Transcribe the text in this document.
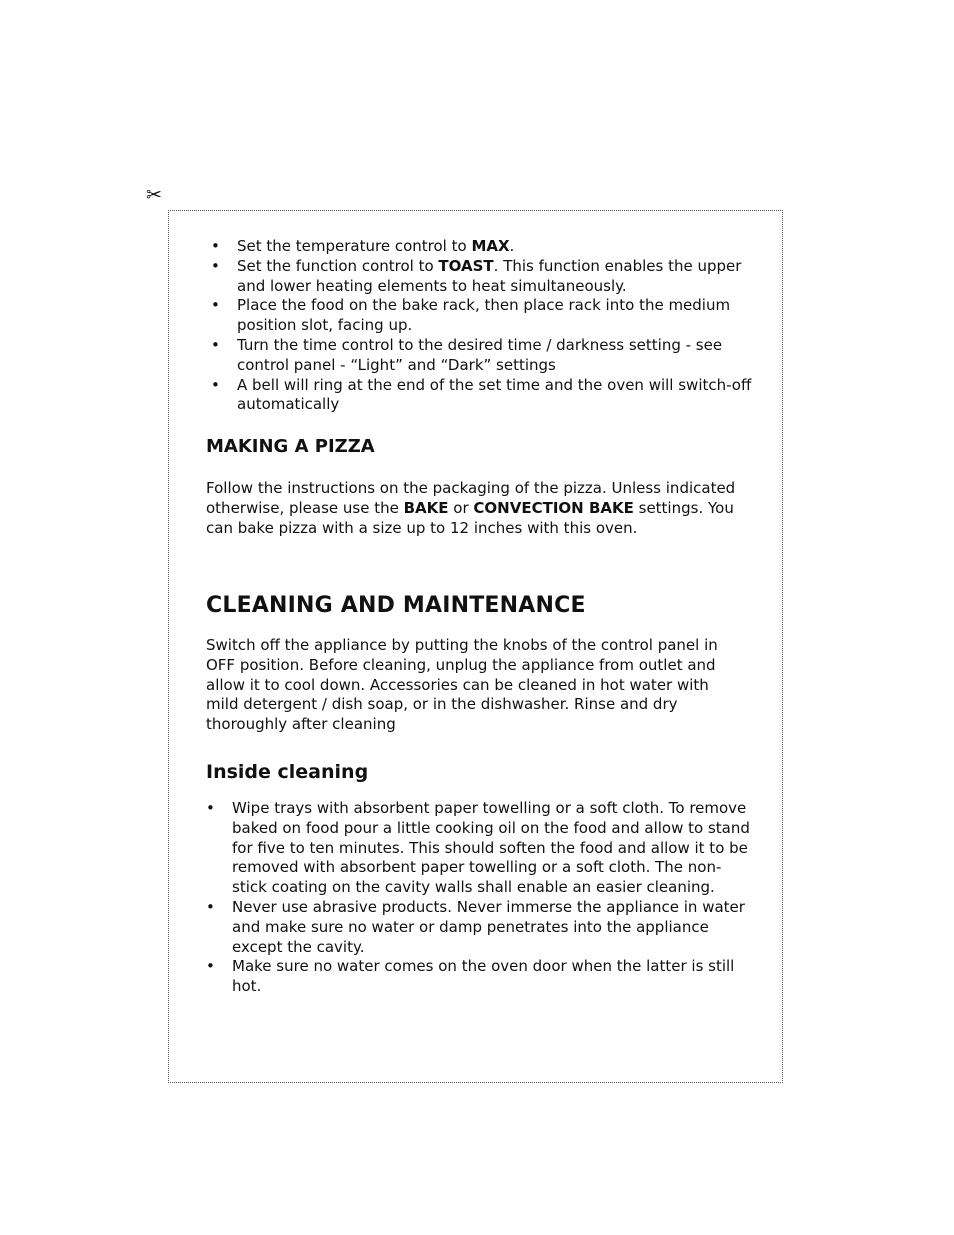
✂
• Set the temperature control to MAX.
• Set the function control to TOAST. This function enables the upper and lower heating elements to heat simultaneously.
• Place the food on the bake rack, then place rack into the medium position slot, facing up.
• Turn the time control to the desired time / darkness setting - see control panel - “Light” and “Dark” settings
• A bell will ring at the end of the set time and the oven will switch-off automatically
MAKING A PIZZA

Follow the instructions on the packaging of the pizza. Unless indicated otherwise, please use the BAKE or CONVECTION BAKE settings. You can bake pizza with a size up to 12 inches with this oven.

CLEANING AND MAINTENANCE

Switch off the appliance by putting the knobs of the control panel in OFF position. Before cleaning, unplug the appliance from outlet and allow it to cool down. Accessories can be cleaned in hot water with mild detergent / dish soap, or in the dishwasher. Rinse and dry thoroughly after cleaning

Inside cleaning
• Wipe trays with absorbent paper towelling or a soft cloth. To remove baked on food pour a little cooking oil on the food and allow to stand for five to ten minutes. This should soften the food and allow it to be removed with absorbent paper towelling or a soft cloth. The non-stick coating on the cavity walls shall enable an easier cleaning.
• Never use abrasive products. Never immerse the appliance in water and make sure no water or damp penetrates into the appliance except the cavity.
• Make sure no water comes on the oven door when the latter is still hot.
